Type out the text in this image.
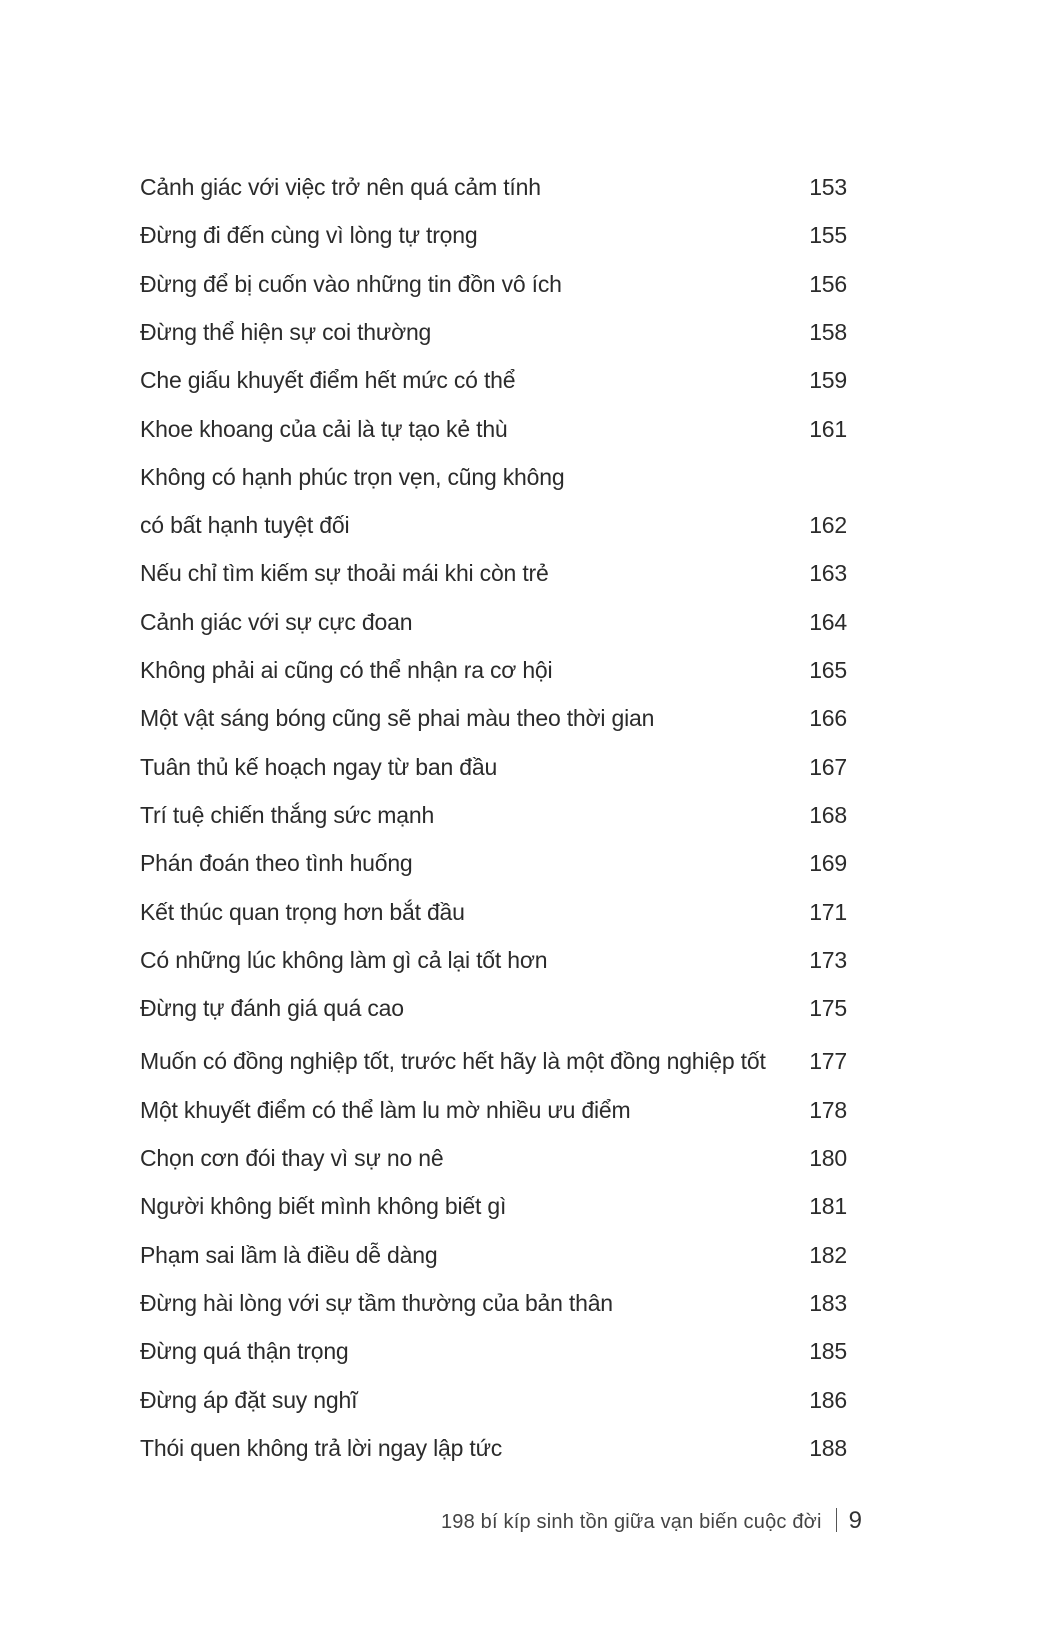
Cảnh giác với việc trở nên quá cảm tính	153
Đừng đi đến cùng vì lòng tự trọng	155
Đừng để bị cuốn vào những tin đồn vô ích	156
Đừng thể hiện sự coi thường	158
Che giấu khuyết điểm hết mức có thể	159
Khoe khoang của cải là tự tạo kẻ thù	161
Không có hạnh phúc trọn vẹn, cũng không
có bất hạnh tuyệt đối	162
Nếu chỉ tìm kiếm sự thoải mái khi còn trẻ	163
Cảnh giác với sự cực đoan	164
Không phải ai cũng có thể nhận ra cơ hội	165
Một vật sáng bóng cũng sẽ phai màu theo thời gian	166
Tuân thủ kế hoạch ngay từ ban đầu	167
Trí tuệ chiến thắng sức mạnh	168
Phán đoán theo tình huống	169
Kết thúc quan trọng hơn bắt đầu	171
Có những lúc không làm gì cả lại tốt hơn	173
Đừng tự đánh giá quá cao	175
Muốn có đồng nghiệp tốt, trước hết hãy là một đồng nghiệp tốt 177
Một khuyết điểm có thể làm lu mờ nhiều ưu điểm	178
Chọn cơn đói thay vì sự no nê	180
Người không biết mình không biết gì	181
Phạm sai lầm là điều dễ dàng	182
Đừng hài lòng với sự tầm thường của bản thân	183
Đừng quá thận trọng	185
Đừng áp đặt suy nghĩ	186
Thói quen không trả lời ngay lập tức	188
198 bí kíp sinh tồn giữa vạn biến cuộc đời 9
